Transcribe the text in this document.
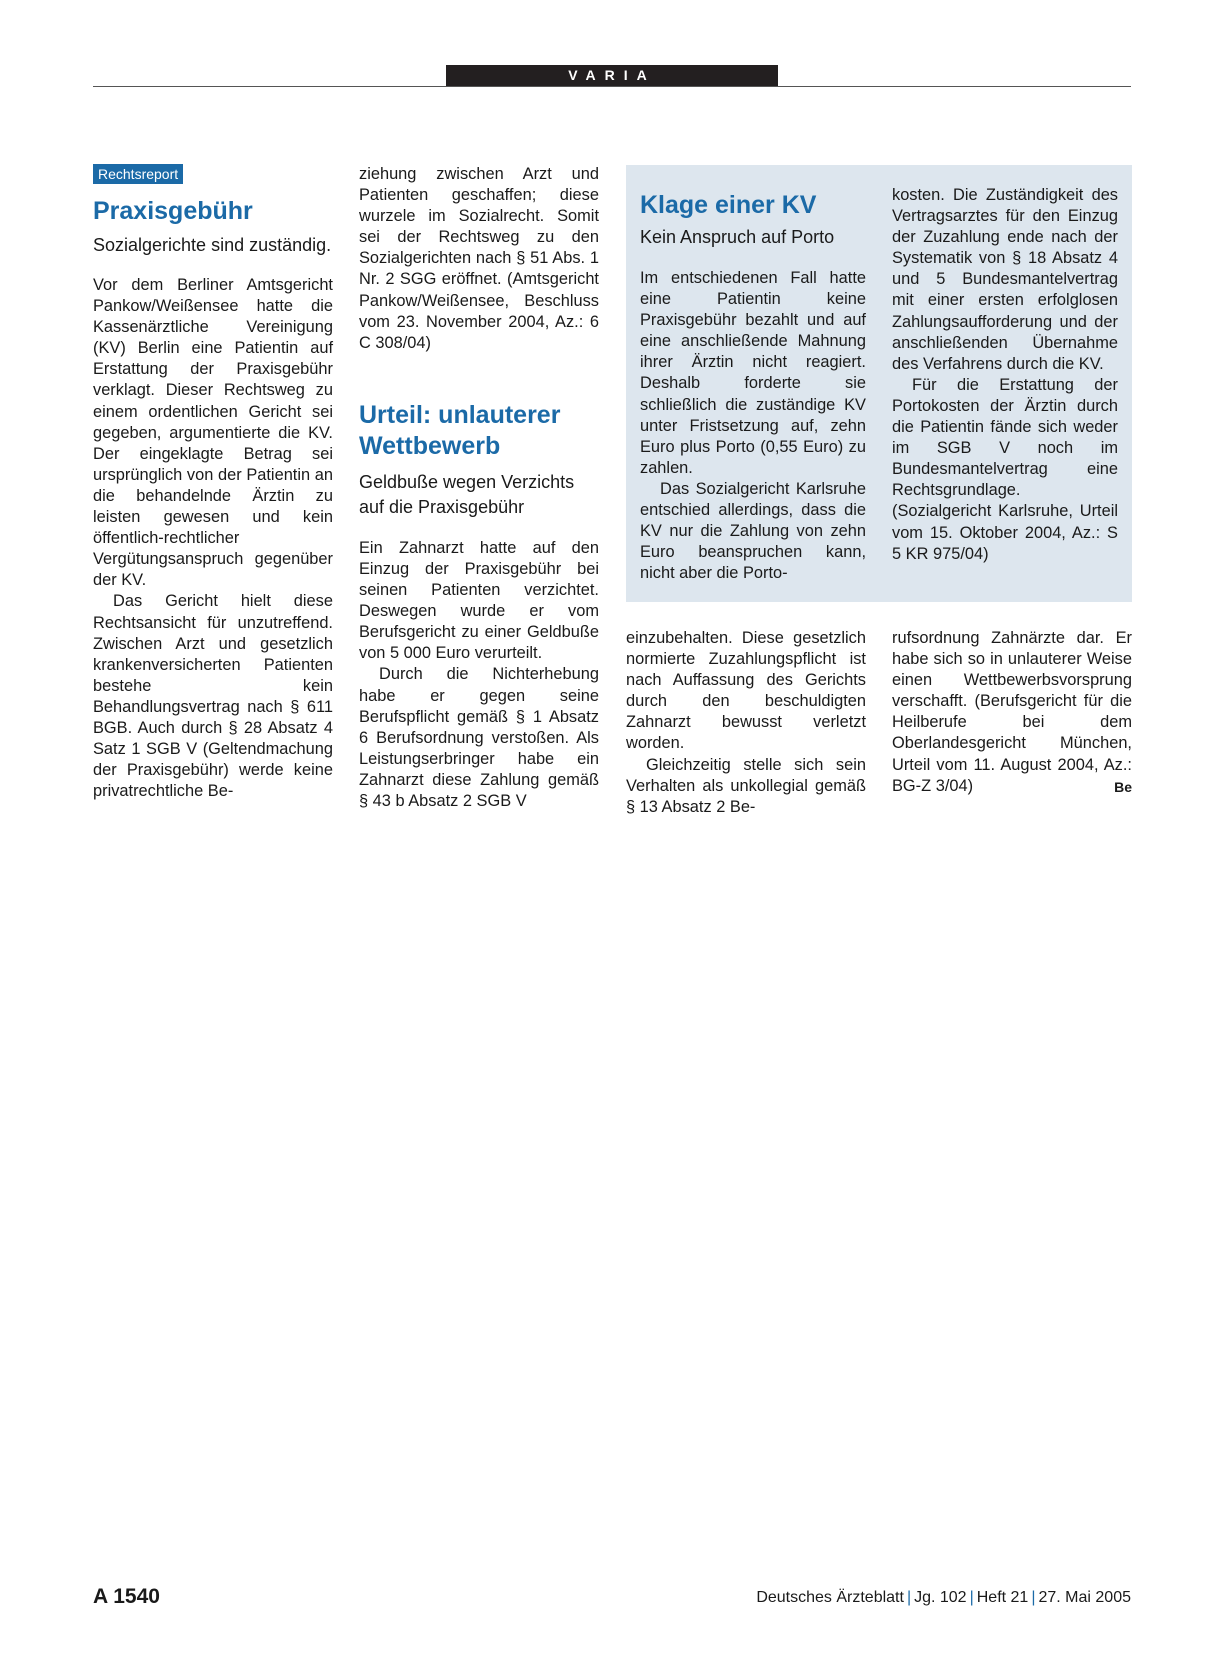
VARIA
Rechtsreport
Praxisgebühr

Sozialgerichte sind zuständig.

Vor dem Berliner Amtsgericht Pankow/Weißensee hatte die Kassenärztliche Vereinigung (KV) Berlin eine Patientin auf Erstattung der Praxisgebühr verklagt. Dieser Rechtsweg zu einem ordentlichen Gericht sei gegeben, argumentierte die KV. Der eingeklagte Betrag sei ursprünglich von der Patientin an die behandelnde Ärztin zu leisten gewesen und kein öffentlich-rechtlicher Vergütungsanspruch gegenüber der KV.

Das Gericht hielt diese Rechtsansicht für unzutreffend. Zwischen Arzt und gesetzlich krankenversicherten Patienten bestehe kein Behandlungsvertrag nach § 611 BGB. Auch durch § 28 Absatz 4 Satz 1 SGB V (Geltendmachung der Praxisgebühr) werde keine privatrechtliche Be-

ziehung zwischen Arzt und Patienten geschaffen; diese wurzele im Sozialrecht. Somit sei der Rechtsweg zu den Sozialgerichten nach § 51 Abs. 1 Nr. 2 SGG eröffnet. (Amtsgericht Pankow/Weißensee, Beschluss vom 23. November 2004, Az.: 6 C 308/04)

Urteil: unlauterer Wettbewerb

Geldbuße wegen Verzichts auf die Praxisgebühr

Ein Zahnarzt hatte auf den Einzug der Praxisgebühr bei seinen Patienten verzichtet. Deswegen wurde er vom Berufsgericht zu einer Geldbuße von 5 000 Euro verurteilt.

Durch die Nichterhebung habe er gegen seine Berufspflicht gemäß § 1 Absatz 6 Berufsordnung verstoßen. Als Leistungserbringer habe ein Zahnarzt diese Zahlung gemäß § 43 b Absatz 2 SGB V

Klage einer KV

Kein Anspruch auf Porto

Im entschiedenen Fall hatte eine Patientin keine Praxisgebühr bezahlt und auf eine anschließende Mahnung ihrer Ärztin nicht reagiert. Deshalb forderte sie schließlich die zuständige KV unter Fristsetzung auf, zehn Euro plus Porto (0,55 Euro) zu zahlen.

Das Sozialgericht Karlsruhe entschied allerdings, dass die KV nur die Zahlung von zehn Euro beanspruchen kann, nicht aber die Porto-

kosten. Die Zuständigkeit des Vertragsarztes für den Einzug der Zuzahlung ende nach der Systematik von § 18 Absatz 4 und 5 Bundesmantelvertrag mit einer ersten erfolglosen Zahlungsaufforderung und der anschließenden Übernahme des Verfahrens durch die KV.

Für die Erstattung der Portokosten der Ärztin durch die Patientin fände sich weder im SGB V noch im Bundesmantelvertrag eine Rechtsgrundlage. (Sozialgericht Karlsruhe, Urteil vom 15. Oktober 2004, Az.: S 5 KR 975/04)

einzubehalten. Diese gesetzlich normierte Zuzahlungspflicht ist nach Auffassung des Gerichts durch den beschuldigten Zahnarzt bewusst verletzt worden.

Gleichzeitig stelle sich sein Verhalten als unkollegial gemäß § 13 Absatz 2 Be-

rufsordnung Zahnärzte dar. Er habe sich so in unlauterer Weise einen Wettbewerbsvorsprung verschafft. (Berufsgericht für die Heilberufe bei dem Oberlandesgericht München, Urteil vom 11. August 2004, Az.: BG-Z 3/04)	Be
A 1540	Deutsches Ärzteblatt | Jg. 102 | Heft 21 | 27. Mai 2005
